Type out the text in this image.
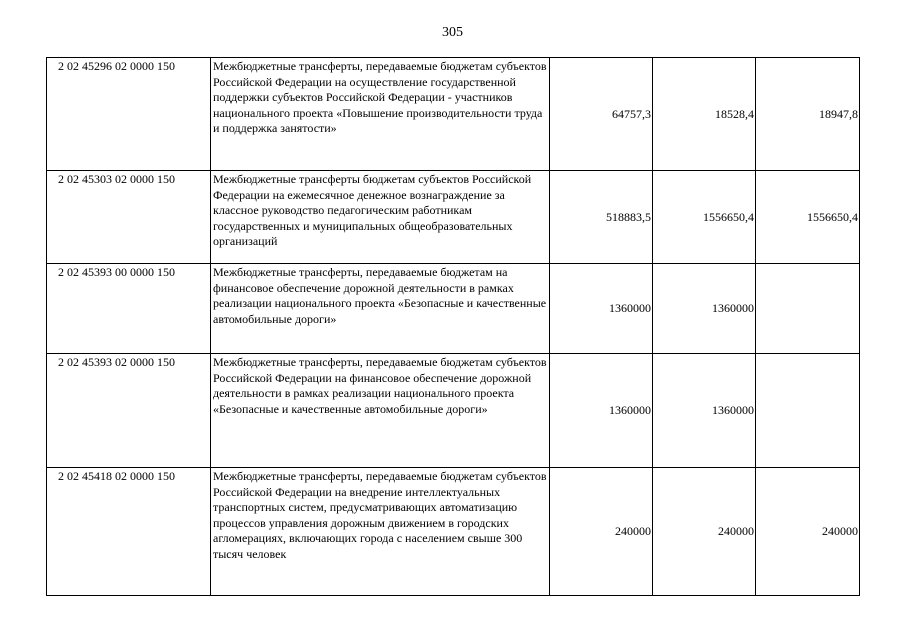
305
2 02 45296 02 0000 150	Межбюджетные трансферты, передаваемые бюджетам субъектов Российской Федерации на осуществление государственной поддержки субъектов Российской Федерации - участников национального проекта «Повышение производительности труда и поддержка занятости»	64757,3	18528,4	18947,8
2 02 45303 02 0000 150	Межбюджетные трансферты бюджетам субъектов Российской Федерации на ежемесячное денежное вознаграждение за классное руководство педагогическим работникам государственных и муниципальных общеобразовательных организаций	518883,5	1556650,4	1556650,4
2 02 45393 00 0000 150	Межбюджетные трансферты, передаваемые бюджетам на финансовое обеспечение дорожной деятельности в рамках реализации национального проекта «Безопасные и качественные автомобильные дороги»	1360000	1360000	
2 02 45393 02 0000 150	Межбюджетные трансферты, передаваемые бюджетам субъектов Российской Федерации на финансовое обеспечение дорожной деятельности в рамках реализации национального проекта «Безопасные и качественные автомобильные дороги»	1360000	1360000	
2 02 45418 02 0000 150	Межбюджетные трансферты, передаваемые бюджетам субъектов Российской Федерации на внедрение интеллектуальных транспортных систем, предусматривающих автоматизацию процессов управления дорожным движением в городских агломерациях, включающих города с населением свыше 300 тысяч человек	240000	240000	240000
